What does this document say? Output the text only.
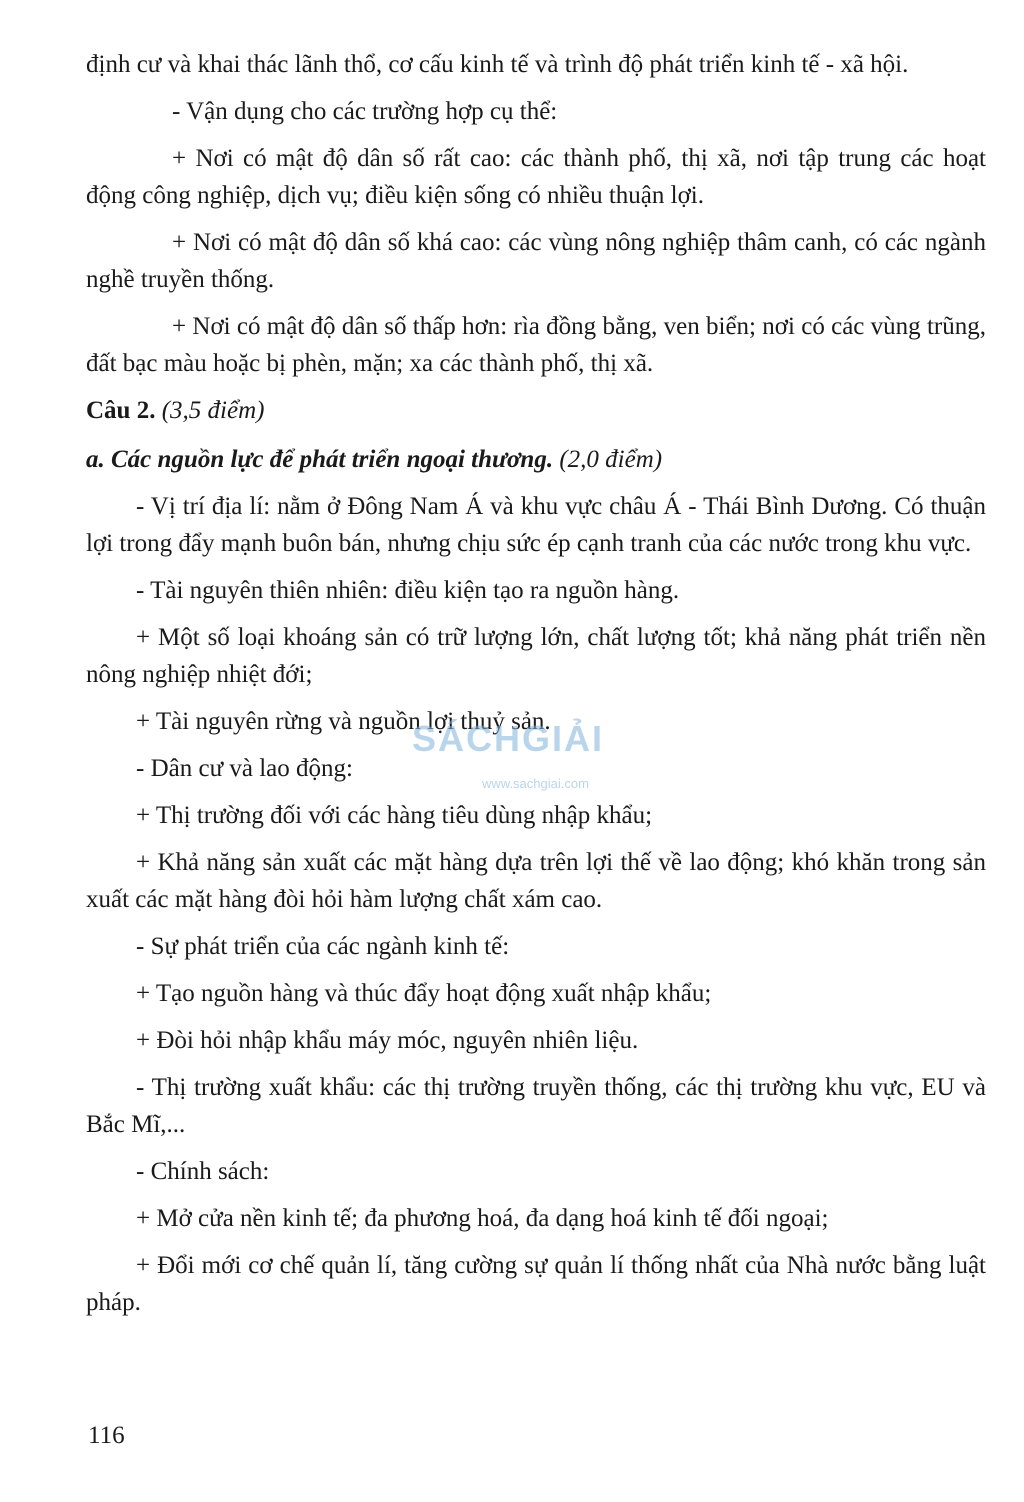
định cư và khai thác lãnh thổ, cơ cấu kinh tế và trình độ phát triển kinh tế - xã hội.

- Vận dụng cho các trường hợp cụ thể:

+ Nơi có mật độ dân số rất cao: các thành phố, thị xã, nơi tập trung các hoạt động công nghiệp, dịch vụ; điều kiện sống có nhiều thuận lợi.

+ Nơi có mật độ dân số khá cao: các vùng nông nghiệp thâm canh, có các ngành nghề truyền thống.

+ Nơi có mật độ dân số thấp hơn: rìa đồng bằng, ven biển; nơi có các vùng trũng, đất bạc màu hoặc bị phèn, mặn; xa các thành phố, thị xã.

Câu 2. (3,5 điểm)

a. Các nguồn lực để phát triển ngoại thương. (2,0 điểm)

- Vị trí địa lí: nằm ở Đông Nam Á và khu vực châu Á - Thái Bình Dương. Có thuận lợi trong đẩy mạnh buôn bán, nhưng chịu sức ép cạnh tranh của các nước trong khu vực.

- Tài nguyên thiên nhiên: điều kiện tạo ra nguồn hàng.

+ Một số loại khoáng sản có trữ lượng lớn, chất lượng tốt; khả năng phát triển nền nông nghiệp nhiệt đới;

+ Tài nguyên rừng và nguồn lợi thuỷ sản.

- Dân cư và lao động:

+ Thị trường đối với các hàng tiêu dùng nhập khẩu;

+ Khả năng sản xuất các mặt hàng dựa trên lợi thế về lao động; khó khăn trong sản xuất các mặt hàng đòi hỏi hàm lượng chất xám cao.

- Sự phát triển của các ngành kinh tế:

+ Tạo nguồn hàng và thúc đẩy hoạt động xuất nhập khẩu;

+ Đòi hỏi nhập khẩu máy móc, nguyên nhiên liệu.

- Thị trường xuất khẩu: các thị trường truyền thống, các thị trường khu vực, EU và Bắc Mĩ,...

- Chính sách:

+ Mở cửa nền kinh tế; đa phương hoá, đa dạng hoá kinh tế đối ngoại;

+ Đổi mới cơ chế quản lí, tăng cường sự quản lí thống nhất của Nhà nước bằng luật pháp.

SÁCHGIẢI
www.sachgiai.com
116
